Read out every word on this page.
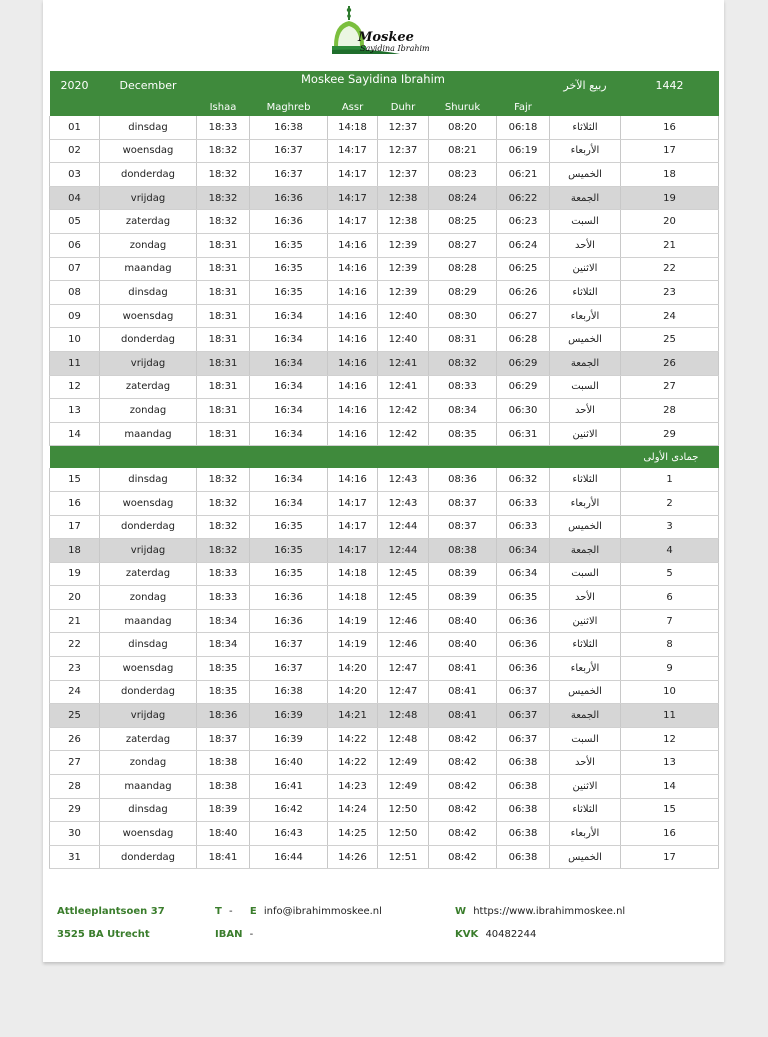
Moskee
Sayidina Ibrahim
2020	December	Moskee Sayidina Ibrahim						ربيع الآخر	1442
		Ishaa	Maghreb	Assr	Duhr	Shuruk	Fajr		
01	dinsdag	18:33	16:38	14:18	12:37	08:20	06:18	الثلاثاء	16
02	woensdag	18:32	16:37	14:17	12:37	08:21	06:19	الأربعاء	17
03	donderdag	18:32	16:37	14:17	12:37	08:23	06:21	الخميس	18
04	vrijdag	18:32	16:36	14:17	12:38	08:24	06:22	الجمعة	19
05	zaterdag	18:32	16:36	14:17	12:38	08:25	06:23	السبت	20
06	zondag	18:31	16:35	14:16	12:39	08:27	06:24	الأحد	21
07	maandag	18:31	16:35	14:16	12:39	08:28	06:25	الاثنين	22
08	dinsdag	18:31	16:35	14:16	12:39	08:29	06:26	الثلاثاء	23
09	woensdag	18:31	16:34	14:16	12:40	08:30	06:27	الأربعاء	24
10	donderdag	18:31	16:34	14:16	12:40	08:31	06:28	الخميس	25
11	vrijdag	18:31	16:34	14:16	12:41	08:32	06:29	الجمعة	26
12	zaterdag	18:31	16:34	14:16	12:41	08:33	06:29	السبت	27
13	zondag	18:31	16:34	14:16	12:42	08:34	06:30	الأحد	28
14	maandag	18:31	16:34	14:16	12:42	08:35	06:31	الاثنين	29
								جمادى الأولى	
15	dinsdag	18:32	16:34	14:16	12:43	08:36	06:32	الثلاثاء	1
16	woensdag	18:32	16:34	14:17	12:43	08:37	06:33	الأربعاء	2
17	donderdag	18:32	16:35	14:17	12:44	08:37	06:33	الخميس	3
18	vrijdag	18:32	16:35	14:17	12:44	08:38	06:34	الجمعة	4
19	zaterdag	18:33	16:35	14:18	12:45	08:39	06:34	السبت	5
20	zondag	18:33	16:36	14:18	12:45	08:39	06:35	الأحد	6
21	maandag	18:34	16:36	14:19	12:46	08:40	06:36	الاثنين	7
22	dinsdag	18:34	16:37	14:19	12:46	08:40	06:36	الثلاثاء	8
23	woensdag	18:35	16:37	14:20	12:47	08:41	06:36	الأربعاء	9
24	donderdag	18:35	16:38	14:20	12:47	08:41	06:37	الخميس	10
25	vrijdag	18:36	16:39	14:21	12:48	08:41	06:37	الجمعة	11
26	zaterdag	18:37	16:39	14:22	12:48	08:42	06:37	السبت	12
27	zondag	18:38	16:40	14:22	12:49	08:42	06:38	الأحد	13
28	maandag	18:38	16:41	14:23	12:49	08:42	06:38	الاثنين	14
29	dinsdag	18:39	16:42	14:24	12:50	08:42	06:38	الثلاثاء	15
30	woensdag	18:40	16:43	14:25	12:50	08:42	06:38	الأربعاء	16
31	donderdag	18:41	16:44	14:26	12:51	08:42	06:38	الخميس	17
Attleeplantsoen 37
3525 BA Utrecht
T - E info@ibrahimmoskee.nl
IBAN -
W https://www.ibrahimmoskee.nl
KVK 40482244
